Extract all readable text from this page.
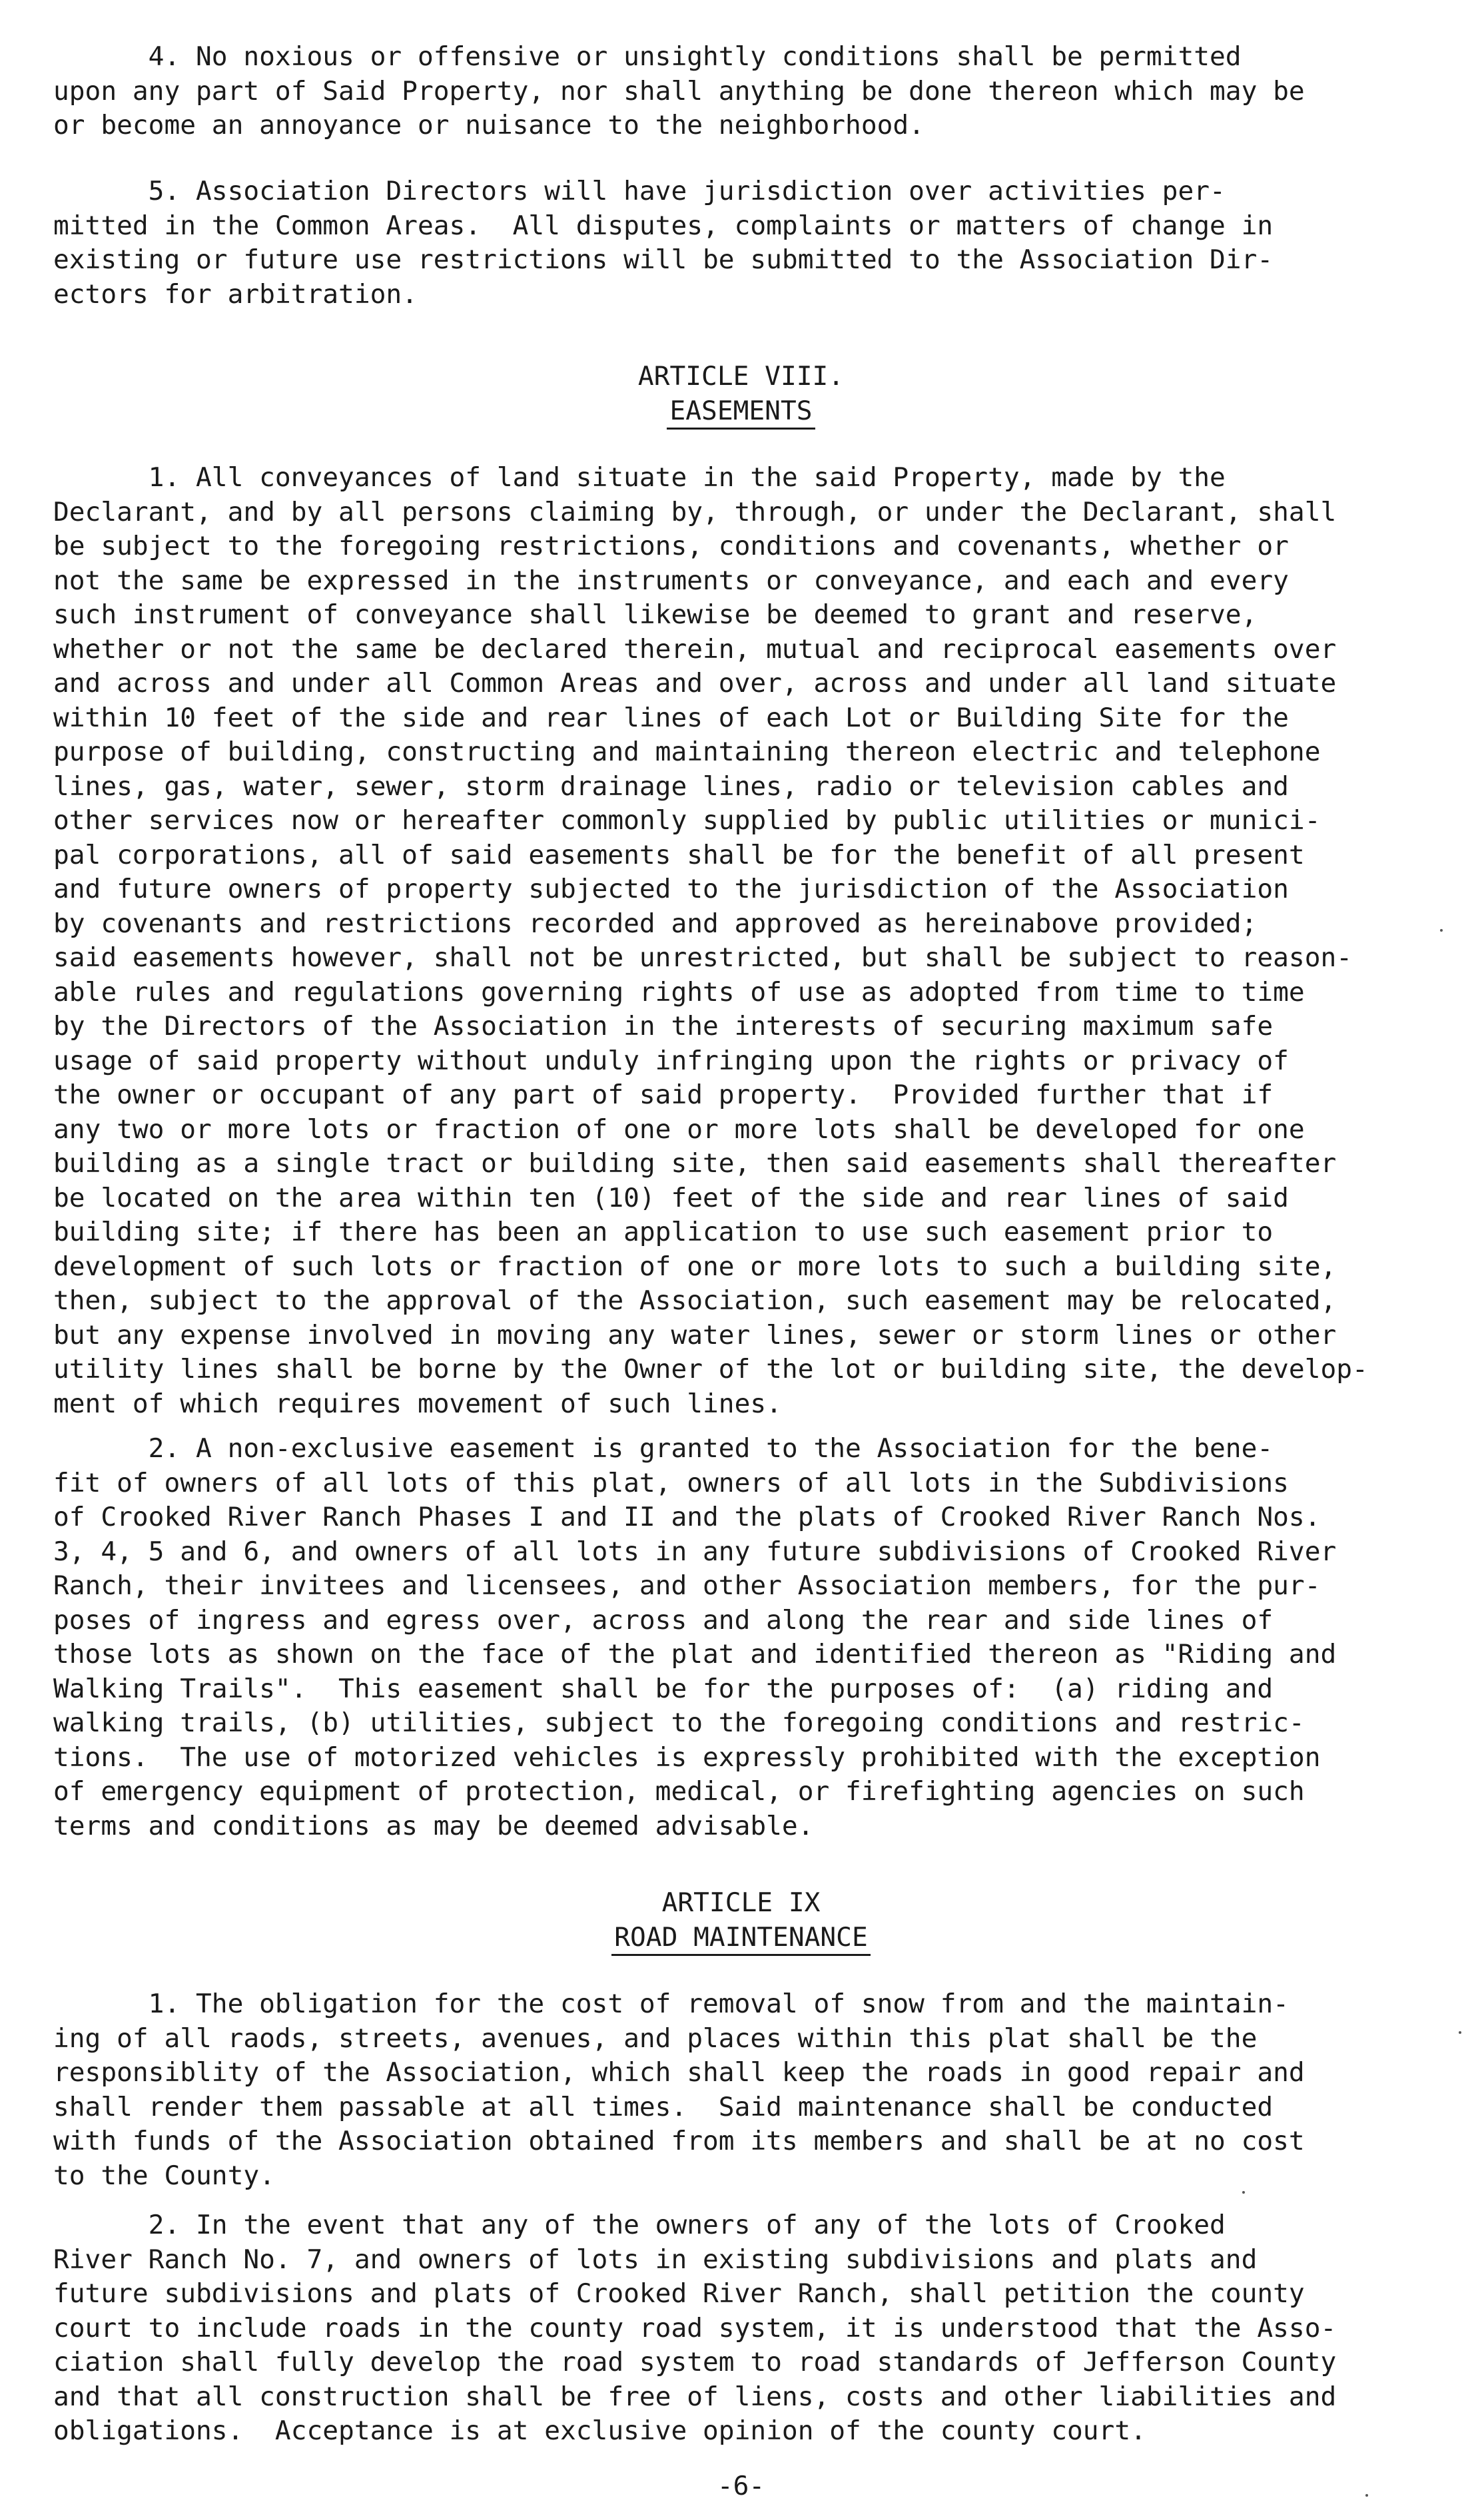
4. No noxious or offensive or unsightly conditions shall be permitted
upon any part of Said Property, nor shall anything be done thereon which may be
or become an annoyance or nuisance to the neighborhood.
5. Association Directors will have jurisdiction over activities per-
mitted in the Common Areas.  All disputes, complaints or matters of change in
existing or future use restrictions will be submitted to the Association Dir-
ectors for arbitration.
ARTICLE VIII.
EASEMENTS
1. All conveyances of land situate in the said Property, made by the
Declarant, and by all persons claiming by, through, or under the Declarant, shall
be subject to the foregoing restrictions, conditions and covenants, whether or
not the same be expressed in the instruments or conveyance, and each and every
such instrument of conveyance shall likewise be deemed to grant and reserve,
whether or not the same be declared therein, mutual and reciprocal easements over
and across and under all Common Areas and over, across and under all land situate
within 10 feet of the side and rear lines of each Lot or Building Site for the
purpose of building, constructing and maintaining thereon electric and telephone
lines, gas, water, sewer, storm drainage lines, radio or television cables and
other services now or hereafter commonly supplied by public utilities or munici-
pal corporations, all of said easements shall be for the benefit of all present
and future owners of property subjected to the jurisdiction of the Association
by covenants and restrictions recorded and approved as hereinabove provided;
said easements however, shall not be unrestricted, but shall be subject to reason-
able rules and regulations governing rights of use as adopted from time to time
by the Directors of the Association in the interests of securing maximum safe
usage of said property without unduly infringing upon the rights or privacy of
the owner or occupant of any part of said property.  Provided further that if
any two or more lots or fraction of one or more lots shall be developed for one
building as a single tract or building site, then said easements shall thereafter
be located on the area within ten (10) feet of the side and rear lines of said
building site; if there has been an application to use such easement prior to
development of such lots or fraction of one or more lots to such a building site,
then, subject to the approval of the Association, such easement may be relocated,
but any expense involved in moving any water lines, sewer or storm lines or other
utility lines shall be borne by the Owner of the lot or building site, the develop-
ment of which requires movement of such lines.
2. A non-exclusive easement is granted to the Association for the bene-
fit of owners of all lots of this plat, owners of all lots in the Subdivisions
of Crooked River Ranch Phases I and II and the plats of Crooked River Ranch Nos.
3, 4, 5 and 6, and owners of all lots in any future subdivisions of Crooked River
Ranch, their invitees and licensees, and other Association members, for the pur-
poses of ingress and egress over, across and along the rear and side lines of
those lots as shown on the face of the plat and identified thereon as "Riding and
Walking Trails".  This easement shall be for the purposes of:  (a) riding and
walking trails, (b) utilities, subject to the foregoing conditions and restric-
tions.  The use of motorized vehicles is expressly prohibited with the exception
of emergency equipment of protection, medical, or firefighting agencies on such
terms and conditions as may be deemed advisable.
ARTICLE IX
ROAD MAINTENANCE
1. The obligation for the cost of removal of snow from and the maintain-
ing of all raods, streets, avenues, and places within this plat shall be the
responsiblity of the Association, which shall keep the roads in good repair and
shall render them passable at all times.  Said maintenance shall be conducted
with funds of the Association obtained from its members and shall be at no cost
to the County.
2. In the event that any of the owners of any of the lots of Crooked
River Ranch No. 7, and owners of lots in existing subdivisions and plats and
future subdivisions and plats of Crooked River Ranch, shall petition the county
court to include roads in the county road system, it is understood that the Asso-
ciation shall fully develop the road system to road standards of Jefferson County
and that all construction shall be free of liens, costs and other liabilities and
obligations.  Acceptance is at exclusive opinion of the county court.
-6-
